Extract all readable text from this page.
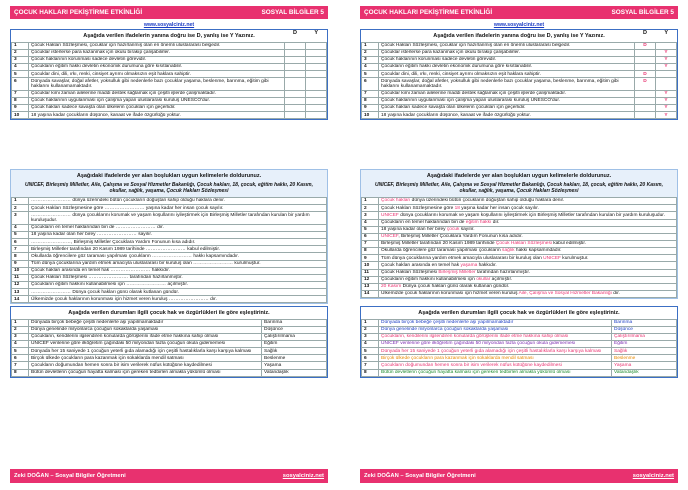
ÇOCUK HAKLARI PEKİŞTİRME ETKİNLİĞİ	SOSYAL BİLGİLER 5
www.sosyalciniz.net
Aşağıda verilen ifadelerin yanına doğru ise D, yanlış ise Y Yazınız.	D	Y
1	Çocuk Hakları Sözleşmesi, çocuklar için hazırlanmış olan en önemli uluslararası belgedir.		
2	Çocuklar isterlerse para kazanmak için okulu bırakıp çalışabilirler.		
3	Çocuk haklarının korunması sadece devletin görevidir.		
4	Çocukların eğitim hakkı devletin ekonomik durumuna göre kısıtlanabilir.		
5	Çocuklar dini, dili, ırkı, renki, cinsiyet ayrımı olmaksızın eşit haklara sahiptir.		
6	Dünyada savaşlar, doğal afetler, yoksulluk gibi nedenlerle bazı çocuklar yaşama, beslenme, barınma, eğitim gibi haklarını kullanamamaktadır.		
7	Çocuklar kimi zaman ailelerine maddi destek sağlamak için çeşitli işlerde çalışmaktadır.		
8	Çocuk haklarının uygulanması için çalışma yapan uluslararası kuruluş UNESCO'dur.		
9	Çocuk hakları sadece savaşta olan ülkelerin çocukları için geçerlidir.		
10	18 yaşına kadar çocukların düşünce, kanaat ve ifade özgürlüğü yoktur.		
Aşağıdaki ifadelerde yer alan boşlukları uygun kelimelerle doldurunuz.
UNICEF, Birleşmiş Milletler, Aile, Çalışma ve Sosyal Hizmetler Bakanlığı, Çocuk hakları, 18, çocuk, eğitim hakkı, 20 Kasım, okullar, sağlık, yaşama, Çocuk Hakları Sözleşmesi
1	…………………… dünya üzerindeki bütün çocukların doğuştan sahip olduğu haklara denir.
2	Çocuk Hakları Sözleşmesine göre …………………… yaşına kadar her insan çocuk sayılır.
3	…………………… dünya çocuklarını korumak ve yaşam koşullarını iyileştirmek için Birleşmiş Milletler tarafından kurulan bir yardım kuruluşudur.
4	Çocukların en temel haklarından biri de …………………… dır.
5	18 yaşına kadar olan her birey …………………… sayılır.
6	……………………, Birleşmiş Milletler Çocuklara Yardım Fonunun kısa adıdır.
7	Birleşmiş Milletler tarafından 20 Kasım 1989 tarihinde …………………… kabul edilmiştir.
8	Okullarda öğrencilere göz taraması yapılması çocukların …………………… hakkı kapsamındadır.
9	Tüm dünya çocuklarına yardım etmek amacıyla uluslararası bir kuruluş olan …………………… kurulmuştur.
10	Çocuk hakları arasında en temel hak …………………… hakkıdır.
11	Çocuk Hakları Sözleşmesi …………………… tarafından hazırlanmıştır.
12	Çocukların eğitim hakkını kullanabilmesi için …………………… açılmıştır.
13	…………………… Dünya çocuk hakları günü olarak kutlanan gündür.
14	Ülkemizde çocuk haklarının korunması için hizmet veren kuruluş …………………… dır.
Aşağıda verilen durumları ilgili çocuk hak ve özgürlükleri ile göre eşleştiriniz.
1	Dünyada birçok bebeğe çeşitli nedenlerle aşı yapılmamaktadır	Barınma
2	Dünya genelinde milyonlarca çocuğun sokaklarda yaşaması	Düşünce
3	Çocukların, kendilerini ilgilendiren konularda görüşlerini ifade etme hakkına sahip olması	Çalıştırılmama
4	UNICEF verilerine göre ilköğretim çağındaki 50 milyondan fazla çocuğun okula gidememesi	Eğitim
5	Dünyada her 15 saniyede 1 çocuğun yeterli gıda alamadığı için çeşitli hastalıklarla karşı karşıya kalması	Sağlık
6	Birçok ülkede çocukların para kazanmak için sokaklarda mendil satması	Beslenme
7	Çocukların doğumundan hemen sonra bir isim verilerek nüfus kütüğüne kaydedilmesi	Yaşama
8	Bütün devletlerin çocuğun hayatta kalması için gereken tedbirleri almakla yükümlü olması	Vatandaşlık
Zeki DOĞAN – Sosyal Bilgiler Öğretmeni	sosyalciniz.net
ÇOCUK HAKLARI PEKİŞTİRME ETKİNLİĞİ	SOSYAL BİLGİLER 5
www.sosyalciniz.net
Aşağıda verilen ifadelerin yanına doğru ise D, yanlış ise Y Yazınız.	D	Y
1	Çocuk Hakları Sözleşmesi, çocuklar için hazırlanmış olan en önemli uluslararası belgedir.	D	
2	Çocuklar isterlerse para kazanmak için okulu bırakıp çalışabilirler.		Y
3	Çocuk haklarının korunması sadece devletin görevidir.		Y
4	Çocukların eğitim hakkı devletin ekonomik durumuna göre kısıtlanabilir.		Y
5	Çocuklar dini, dili, ırkı, renki, cinsiyet ayrımı olmaksızın eşit haklara sahiptir.	D	
6	Dünyada savaşlar, doğal afetler, yoksulluk gibi nedenlerle bazı çocuklar yaşama, beslenme, barınma, eğitim gibi haklarını kullanamamaktadır.	D	
7	Çocuklar kimi zaman ailelerine maddi destek sağlamak için çeşitli işlerde çalışmaktadır.		Y
8	Çocuk haklarının uygulanması için çalışma yapan uluslararası kuruluş UNESCO'dur.		Y
9	Çocuk hakları sadece savaşta olan ülkelerin çocukları için geçerlidir.		Y
10	18 yaşına kadar çocukların düşünce, kanaat ve ifade özgürlüğü yoktur.		Y
Aşağıdaki ifadelerde yer alan boşlukları uygun kelimelerle doldurunuz.
UNICEF, Birleşmiş Milletler, Aile, Çalışma ve Sosyal Hizmetler Bakanlığı, Çocuk hakları, 18, çocuk, eğitim hakkı, 20 Kasım, okullar, sağlık, yaşama, Çocuk Hakları Sözleşmesi
1	Çocuk hakları dünya üzerindeki bütün çocukların doğuştan sahip olduğu haklara denir.
2	Çocuk Hakları Sözleşmesine göre 18 yaşına kadar her insan çocuk sayılır.
3	UNICEF dünya çocuklarını korumak ve yaşam koşullarını iyileştirmek için Birleşmiş Milletler tarafından kurulan bir yardım kuruluşudur.
4	Çocukların en temel haklarından biri de eğitim hakkı dır.
5	18 yaşına kadar olan her birey çocuk sayılır.
6	UNICEF, Birleşmiş Milletler Çocuklara Yardım Fonunun kısa adıdır.
7	Birleşmiş Milletler tarafından 20 Kasım 1989 tarihinde Çocuk Hakları Sözleşmesi kabul edilmiştir.
8	Okullarda öğrencilere göz taraması yapılması çocukların sağlık hakkı kapsamındadır.
9	Tüm dünya çocuklarına yardım etmek amacıyla uluslararası bir kuruluş olan UNICEF kurulmuştur.
10	Çocuk hakları arasında en temel hak yaşama hakkıdır.
11	Çocuk Hakları Sözleşmesi Birleşmiş Milletler tarafından hazırlanmıştır.
12	Çocukların eğitim hakkını kullanabilmesi için okullar açılmıştır.
13	20 Kasım Dünya çocuk hakları günü olarak kutlanan gündür.
14	Ülkemizde çocuk haklarının korunması için hizmet veren kuruluş Aile, Çalışma ve Sosyal Hizmetler Bakanlığı dır.
Aşağıda verilen durumları ilgili çocuk hak ve özgürlükleri ile göre eşleştiriniz.
1	Dünyada birçok bebeğe çeşitli nedenlerle aşı yapılmamaktadır	Barınma
2	Dünya genelinde milyonlarca çocuğun sokaklarda yaşaması	Düşünce
3	Çocukların, kendilerini ilgilendiren konularda görüşlerini ifade etme hakkına sahip olması	Çalıştırılmama
4	UNICEF verilerine göre ilköğretim çağındaki 50 milyondan fazla çocuğun okula gidememesi	Eğitim
5	Dünyada her 15 saniyede 1 çocuğun yeterli gıda alamadığı için çeşitli hastalıklarla karşı karşıya kalması	Sağlık
6	Birçok ülkede çocukların para kazanmak için sokaklarda mendil satması	Beslenme
7	Çocukların doğumundan hemen sonra bir isim verilerek nüfus kütüğüne kaydedilmesi	Yaşama
8	Bütün devletlerin çocuğun hayatta kalması için gereken tedbirleri almakla yükümlü olması	Vatandaşlık
Zeki DOĞAN – Sosyal Bilgiler Öğretmeni	sosyalciniz.net
